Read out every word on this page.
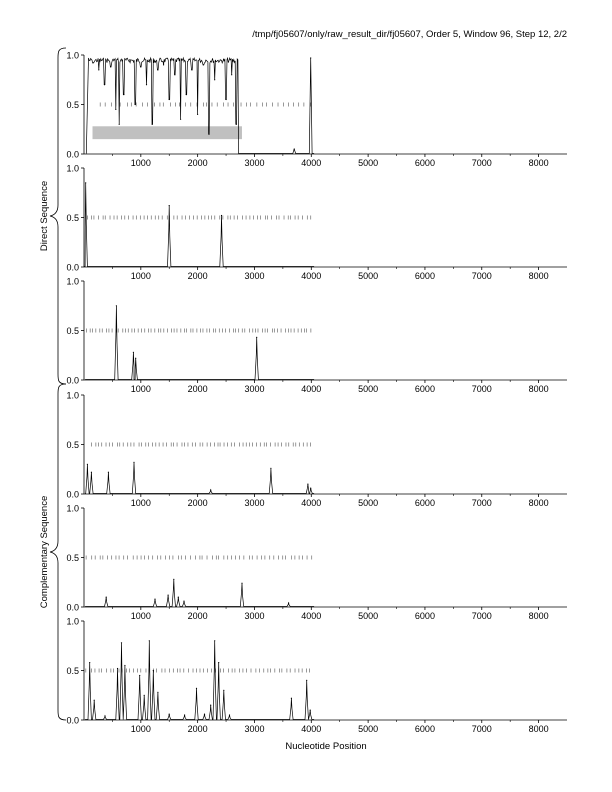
/tmp/fj05607/only/raw_result_dir/fj05607, Order 5, Window 96, Step 12, 2/2
Direct Sequence
Complementary Sequence
0.0
0.5
1.0
1000	2000	3000	4000	5000	6000	7000	8000
0.0
0.5
1.0
1000	2000	3000	4000	5000	6000	7000	8000
0.0
0.5
1.0
1000	2000	3000	4000	5000	6000	7000	8000
0.0
0.5
1.0
1000	2000	3000	4000	5000	6000	7000	8000
0.0
0.5
1.0
1000	2000	3000	4000	5000	6000	7000	8000
0.0
0.5
1.0
1000	2000	3000	4000	5000	6000	7000	8000
Nucleotide Position
